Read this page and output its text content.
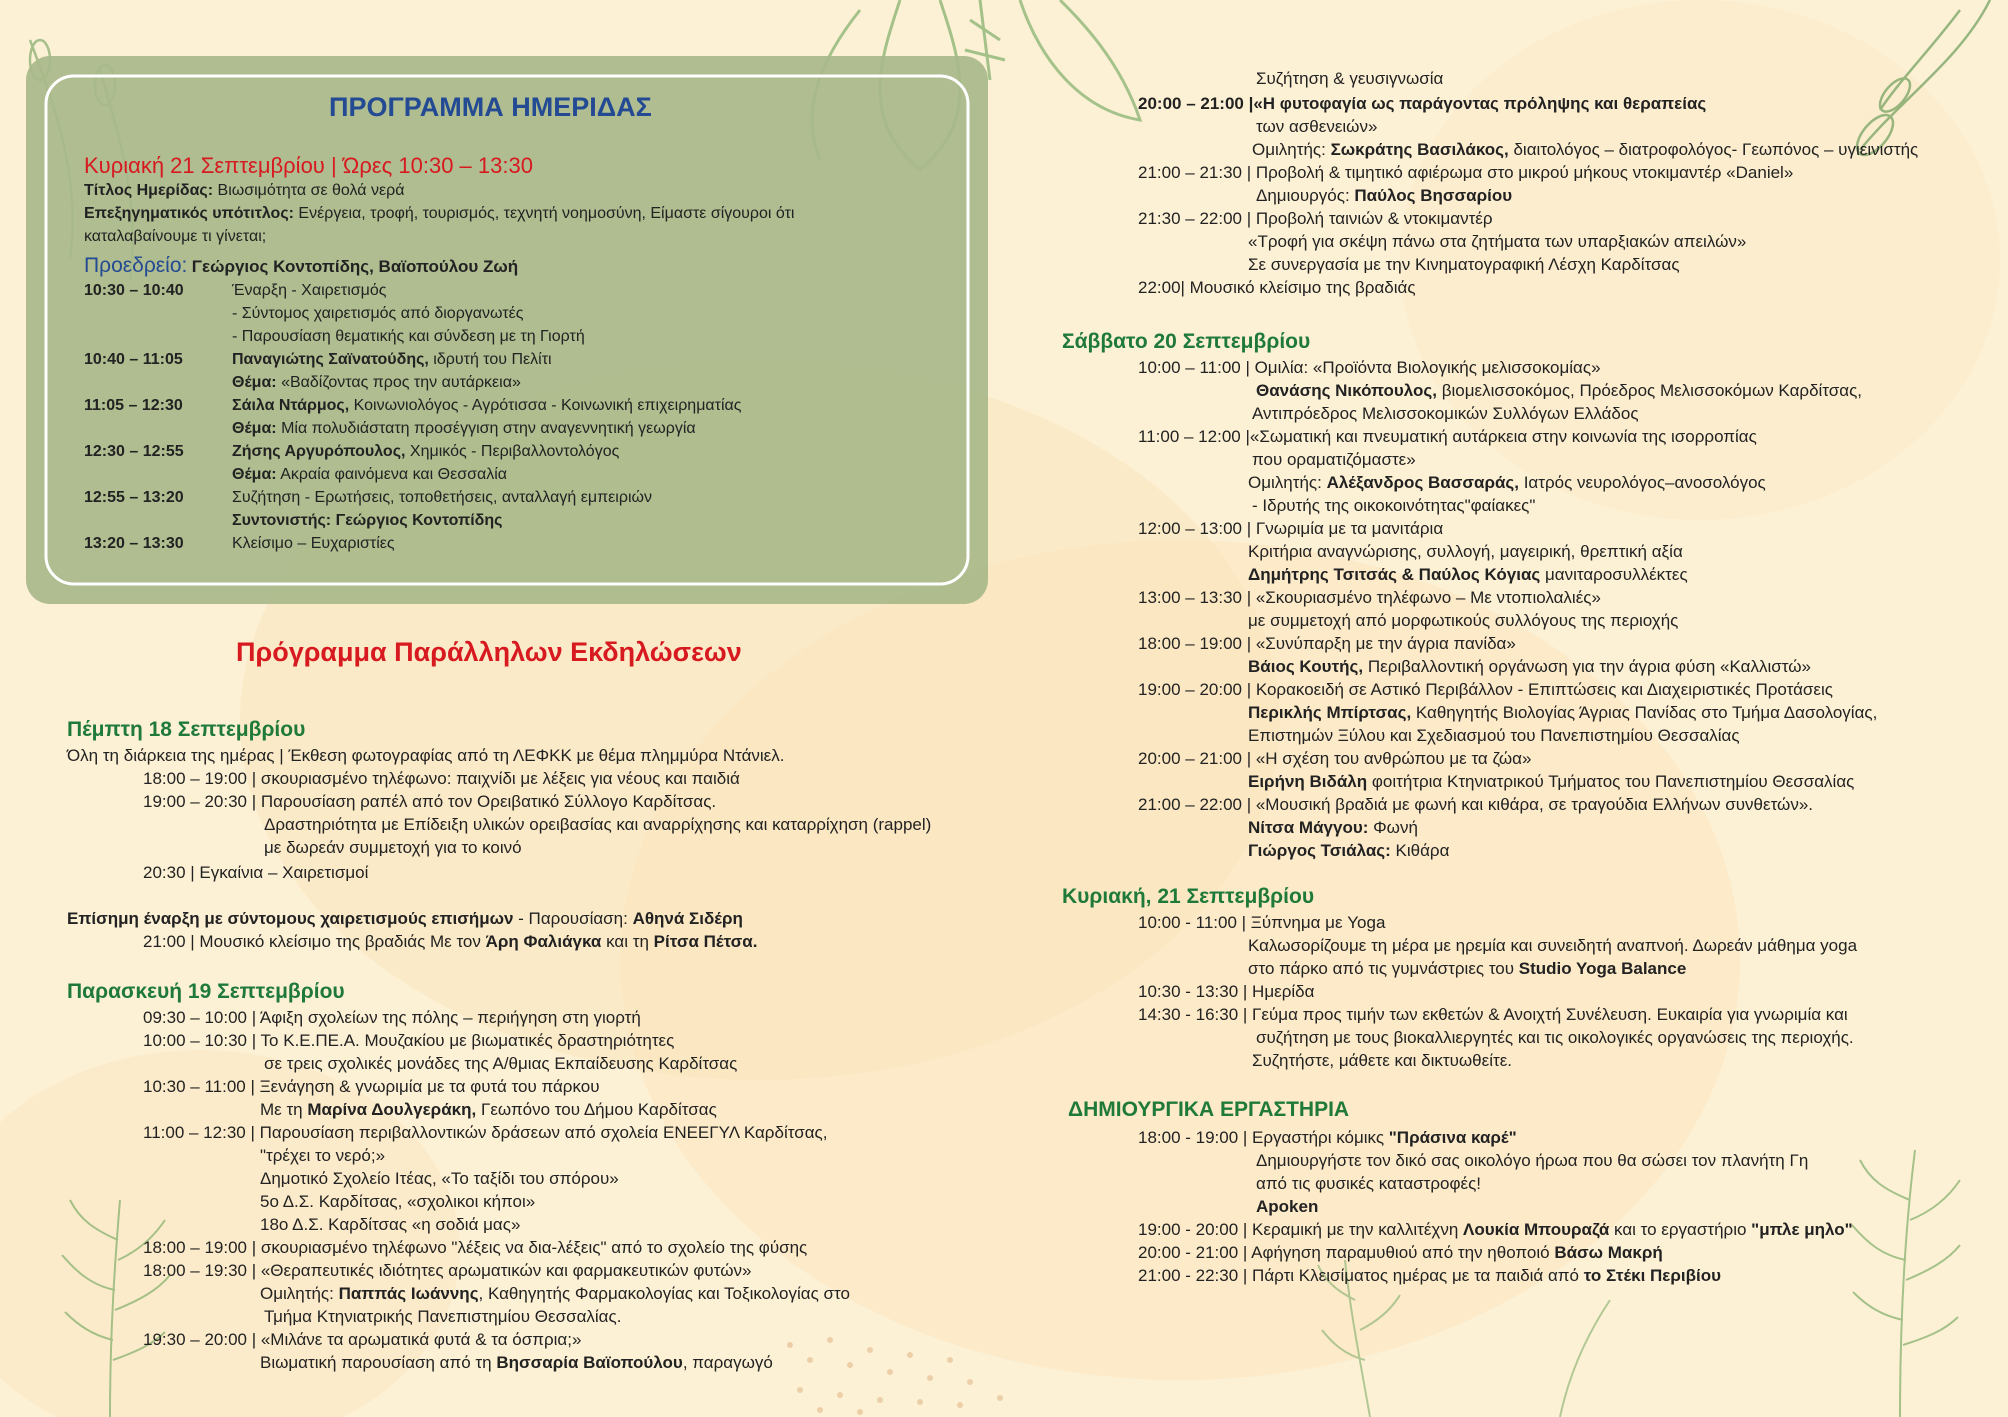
ΠΡΟΓΡΑΜΜΑ ΗΜΕΡΙΔΑΣ
Κυριακή 21 Σεπτεμβρίου | Ώρες 10:30 – 13:30
Τίτλος Ημερίδας: Βιωσιμότητα σε θολά νερά
Επεξηγηματικός υπότιτλος: Ενέργεια, τροφή, τουρισμός, τεχνητή νοημοσύνη, Είμαστε σίγουροι ότι
καταλαβαίνουμε τι γίνεται;
Προεδρείο: Γεώργιος Κοντοπίδης, Βαϊοπούλου Ζωή
10:30 – 10:40	Έναρξη - Χαιρετισμός
- Σύντομος χαιρετισμός από διοργανωτές
- Παρουσίαση θεματικής και σύνδεση με τη Γιορτή
10:40 – 11:05	Παναγιώτης Σαϊνατούδης, ιδρυτή του Πελίτι
Θέμα: «Βαδίζοντας προς την αυτάρκεια»
11:05 – 12:30	Σάιλα Ντάρμος, Κοινωνιολόγος - Αγρότισσα - Κοινωνική επιχειρηματίας
Θέμα: Μία πολυδιάστατη προσέγγιση στην αναγεννητική γεωργία
12:30 – 12:55	Ζήσης Αργυρόπουλος, Χημικός - Περιβαλλοντολόγος
Θέμα: Ακραία φαινόμενα και Θεσσαλία
12:55 – 13:20	Συζήτηση - Ερωτήσεις, τοποθετήσεις, ανταλλαγή εμπειριών
Συντονιστής: Γεώργιος Κοντοπίδης
13:20 – 13:30	Κλείσιμο – Ευχαριστίες
Πρόγραμμα Παράλληλων Εκδηλώσεων
Πέμπτη 18 Σεπτεμβρίου
Όλη τη διάρκεια της ημέρας | Έκθεση φωτογραφίας από τη ΛΕΦΚΚ με θέμα πλημμύρα Ντάνιελ.
18:00 – 19:00 | σκουριασμένο τηλέφωνο: παιχνίδι με λέξεις για νέους και παιδιά
19:00 – 20:30 | Παρουσίαση ραπέλ από τον Ορειβατικό Σύλλογο Καρδίτσας.
Δραστηριότητα με Επίδειξη υλικών ορειβασίας και αναρρίχησης και καταρρίχηση (rappel)
με δωρεάν συμμετοχή για το κοινό
20:30 | Εγκαίνια – Χαιρετισμοί
Επίσημη έναρξη με σύντομους χαιρετισμούς επισήμων - Παρουσίαση: Αθηνά Σιδέρη
21:00 | Μουσικό κλείσιμο της βραδιάς Με τον Άρη Φαλιάγκα και τη Ρίτσα Πέτσα.
Παρασκευή 19 Σεπτεμβρίου
09:30 – 10:00 | Άφιξη σχολείων της πόλης – περιήγηση στη γιορτή
10:00 – 10:30 | Το Κ.Ε.ΠΕ.Α. Μουζακίου με βιωματικές δραστηριότητες
σε τρεις σχολικές μονάδες της Α/θμιας Εκπαίδευσης Καρδίτσας
10:30 – 11:00 | Ξενάγηση & γνωριμία με τα φυτά του πάρκου
Με τη Μαρίνα Δουλγεράκη, Γεωπόνο του Δήμου Καρδίτσας
11:00 – 12:30 | Παρουσίαση περιβαλλοντικών δράσεων από σχολεία ΕΝΕΕΓΥΛ Καρδίτσας,
"τρέχει το νερό;»
Δημοτικό Σχολείο Ιτέας, «Το ταξίδι του σπόρου»
5ο Δ.Σ. Καρδίτσας, «σχολικοι κήποι»
18ο Δ.Σ. Καρδίτσας «η σοδιά μας»
18:00 – 19:00 | σκουριασμένο τηλέφωνο "λέξεις να δια-λέξεις" από το σχολείο της φύσης
18:00 – 19:30 | «Θεραπευτικές ιδιότητες αρωματικών και φαρμακευτικών φυτών»
Ομιλητής: Παππάς Ιωάννης, Καθηγητής Φαρμακολογίας και Τοξικολογίας στο
Τμήμα Κτηνιατρικής Πανεπιστημίου Θεσσαλίας.
19:30 – 20:00 | «Μιλάνε τα αρωματικά φυτά & τα όσπρια;»
Βιωματική παρουσίαση από τη Βησσαρία Βαϊοπούλου, παραγωγό
Συζήτηση & γευσιγνωσία
20:00 – 21:00 |«Η φυτοφαγία ως παράγοντας πρόληψης και θεραπείας
των ασθενειών»
Ομιλητής: Σωκράτης Βασιλάκος, διαιτολόγος – διατροφολόγος- Γεωπόνος – υγιεινιστής
21:00 – 21:30 | Προβολή & τιμητικό αφιέρωμα στο μικρού μήκους ντοκιμαντέρ «Daniel»
Δημιουργός: Παύλος Βησσαρίου
21:30 – 22:00 | Προβολή ταινιών & ντοκιμαντέρ
«Τροφή για σκέψη πάνω στα ζητήματα των υπαρξιακών απειλών»
Σε συνεργασία με την Κινηματογραφική Λέσχη Καρδίτσας
22:00| Μουσικό κλείσιμο της βραδιάς
Σάββατο 20 Σεπτεμβρίου
10:00 – 11:00 | Ομιλία: «Προϊόντα Βιολογικής μελισσοκομίας»
Θανάσης Νικόπουλος, βιομελισσοκόμος, Πρόεδρος Μελισσοκόμων Καρδίτσας,
Αντιπρόεδρος Μελισσοκομικών Συλλόγων Ελλάδος
11:00 – 12:00 |«Σωματική και πνευματική αυτάρκεια στην κοινωνία της ισορροπίας
που οραματιζόμαστε»
Ομιλητής: Αλέξανδρος Βασσαράς, Ιατρός νευρολόγος–ανοσολόγος
- Ιδρυτής της οικοκοινότητας"φαίακες"
12:00 – 13:00 | Γνωριμία με τα μανιτάρια
Κριτήρια αναγνώρισης, συλλογή, μαγειρική, θρεπτική αξία
Δημήτρης Τσιτσάς & Παύλος Κόγιας μανιταροσυλλέκτες
13:00 – 13:30 | «Σκουριασμένο τηλέφωνο – Με ντοπιολαλιές»
με συμμετοχή από μορφωτικούς συλλόγους της περιοχής
18:00 – 19:00 | «Συνύπαρξη με την άγρια πανίδα»
Βάιος Κουτής, Περιβαλλοντική οργάνωση για την άγρια φύση «Καλλιστώ»
19:00 – 20:00 | Κορακοειδή σε Αστικό Περιβάλλον - Επιπτώσεις και Διαχειριστικές Προτάσεις
Περικλής Μπίρτσας, Καθηγητής Βιολογίας Άγριας Πανίδας στο Τμήμα Δασολογίας,
Επιστημών Ξύλου και Σχεδιασμού του Πανεπιστημίου Θεσσαλίας
20:00 – 21:00 | «Η σχέση του ανθρώπου με τα ζώα»
Ειρήνη Βιδάλη φοιτήτρια Κτηνιατρικού Τμήματος του Πανεπιστημίου Θεσσαλίας
21:00 – 22:00 | «Μουσική βραδιά με φωνή και κιθάρα, σε τραγούδια Ελλήνων συνθετών».
Νίτσα Μάγγου: Φωνή
Γιώργος Τσιάλας: Κιθάρα
Κυριακή, 21 Σεπτεμβρίου
10:00 - 11:00 | Ξύπνημα με Yoga
Καλωσορίζουμε τη μέρα με ηρεμία και συνειδητή αναπνοή. Δωρεάν μάθημα yoga
στο πάρκο από τις γυμνάστριες του Studio Yoga Balance
10:30 - 13:30 | Ημερίδα
14:30 - 16:30 | Γεύμα προς τιμήν των εκθετών & Ανοιχτή Συνέλευση. Ευκαιρία για γνωριμία και
συζήτηση με τους βιοκαλλιεργητές και τις οικολογικές οργανώσεις της περιοχής.
Συζητήστε, μάθετε και δικτυωθείτε.
ΔΗΜΙΟΥΡΓΙΚΑ ΕΡΓΑΣΤΗΡΙΑ
18:00 - 19:00 | Εργαστήρι κόμικς "Πράσινα καρέ"
Δημιουργήστε τον δικό σας οικολόγο ήρωα που θα σώσει τον πλανήτη Γη
από τις φυσικές καταστροφές!
Apoken
19:00 - 20:00 | Κεραμική με την καλλιτέχνη Λουκία Μπουραζά και το εργαστήριο "μπλε μηλο"
20:00 - 21:00 | Αφήγηση παραμυθιού από την ηθοποιό Βάσω Μακρή
21:00 - 22:30 | Πάρτι Κλεισίματος ημέρας με τα παιδιά από το Στέκι Περιβίου
